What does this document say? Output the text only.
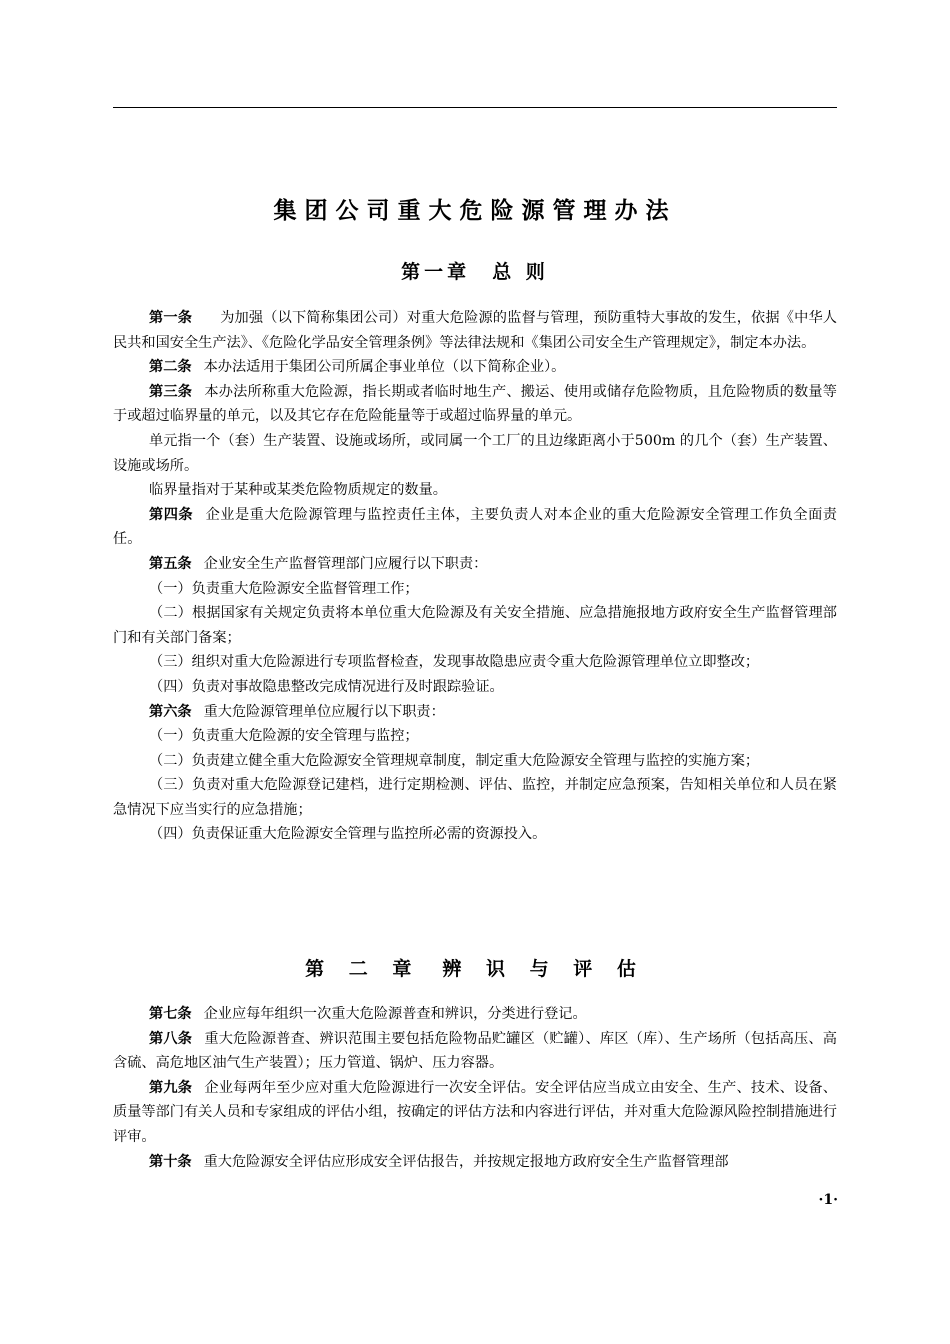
集团公司重大危险源管理办法
第一章 总 则

第一条 为加强（以下简称集团公司）对重大危险源的监督与管理，预防重特大事故的发生，依据《中华人民共和国安全生产法》、《危险化学品安全管理条例》等法律法规和《集团公司安全生产管理规定》，制定本办法。

第二条 本办法适用于集团公司所属企事业单位（以下简称企业）。

第三条 本办法所称重大危险源，指长期或者临时地生产、搬运、使用或储存危险物质，且危险物质的数量等于或超过临界量的单元，以及其它存在危险能量等于或超过临界量的单元。

单元指一个（套）生产装置、设施或场所，或同属一个工厂的且边缘距离小于500m 的几个（套）生产装置、设施或场所。

临界量指对于某种或某类危险物质规定的数量。

第四条 企业是重大危险源管理与监控责任主体，主要负责人对本企业的重大危险源安全管理工作负全面责任。

第五条 企业安全生产监督管理部门应履行以下职责：

（一）负责重大危险源安全监督管理工作；

（二）根据国家有关规定负责将本单位重大危险源及有关安全措施、应急措施报地方政府安全生产监督管理部门和有关部门备案；

（三）组织对重大危险源进行专项监督检查，发现事故隐患应责令重大危险源管理单位立即整改；

（四）负责对事故隐患整改完成情况进行及时跟踪验证。

第六条 重大危险源管理单位应履行以下职责：

（一）负责重大危险源的安全管理与监控；

（二）负责建立健全重大危险源安全管理规章制度，制定重大危险源安全管理与监控的实施方案；

（三）负责对重大危险源登记建档，进行定期检测、评估、监控，并制定应急预案，告知相关单位和人员在紧急情况下应当实行的应急措施；

（四）负责保证重大危险源安全管理与监控所必需的资源投入。

第 二 章 辨 识 与 评 估

第七条 企业应每年组织一次重大危险源普查和辨识，分类进行登记。

第八条 重大危险源普查、辨识范围主要包括危险物品贮罐区（贮罐）、库区（库）、生产场所（包括高压、高含硫、高危地区油气生产装置）；压力管道、锅炉、压力容器。

第九条 企业每两年至少应对重大危险源进行一次安全评估。安全评估应当成立由安全、生产、技术、设备、质量等部门有关人员和专家组成的评估小组，按确定的评估方法和内容进行评估，并对重大危险源风险控制措施进行评审。

第十条 重大危险源安全评估应形成安全评估报告，并按规定报地方政府安全生产监督管理部

·1·
